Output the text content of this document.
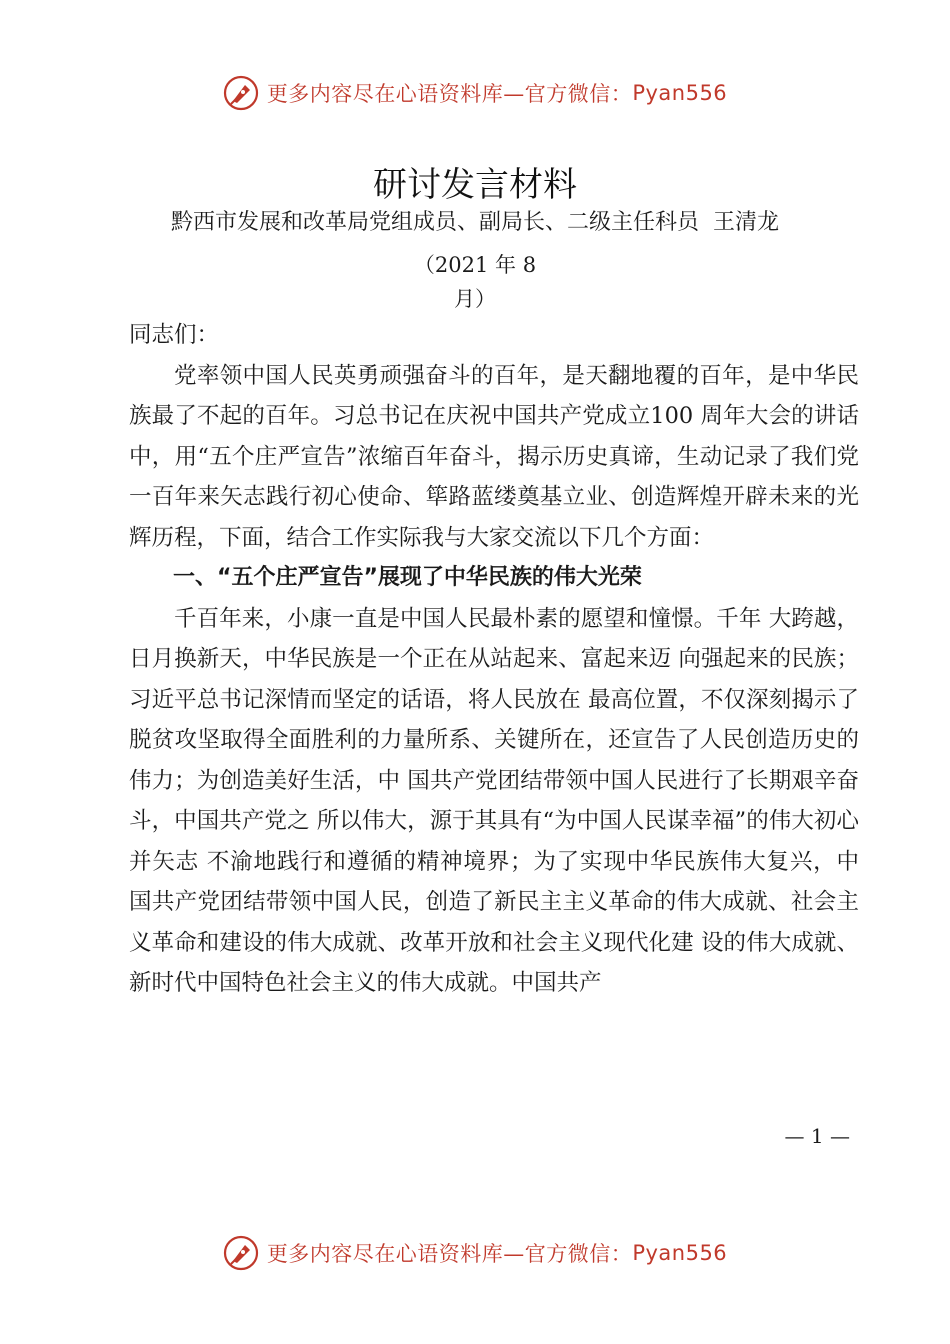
更多内容尽在心语资料库—官方微信： Pyan556
研讨发言材料
黔西市发展和改革局党组成员、副局长、二级主任科员 王清龙
（2021 年 8
月）

同志们：

党率领中国人民英勇顽强奋斗的百年，是天翻地覆的百年，是中华民族最了不起的百年。习总书记在庆祝中国共产党成立100 周年大会的讲话中，用“五个庄严宣告”浓缩百年奋斗，揭示历史真谛，生动记录了我们党一百年来矢志践行初心使命、筚路蓝缕奠基立业、创造辉煌开辟未来的光辉历程，下面，结合工作实际我与大家交流以下几个方面：

一、“五个庄严宣告”展现了中华民族的伟大光荣

千百年来，小康一直是中国人民最朴素的愿望和憧憬。千年 大跨越，日月换新天，中华民族是一个正在从站起来、富起来迈 向强起来的民族；习近平总书记深情而坚定的话语，将人民放在 最高位置，不仅深刻揭示了脱贫攻坚取得全面胜利的力量所系、关键所在，还宣告了人民创造历史的伟力；为创造美好生活，中 国共产党团结带领中国人民进行了长期艰辛奋斗，中国共产党之 所以伟大，源于其具有“为中国人民谋幸福”的伟大初心并矢志 不渝地践行和遵循的精神境界；为了实现中华民族伟大复兴，中 国共产党团结带领中国人民，创造了新民主主义革命的伟大成就、社会主义革命和建设的伟大成就、改革开放和社会主义现代化建 设的伟大成就、新时代中国特色社会主义的伟大成就。中国共产

— 1 —
更多内容尽在心语资料库—官方微信： Pyan556
